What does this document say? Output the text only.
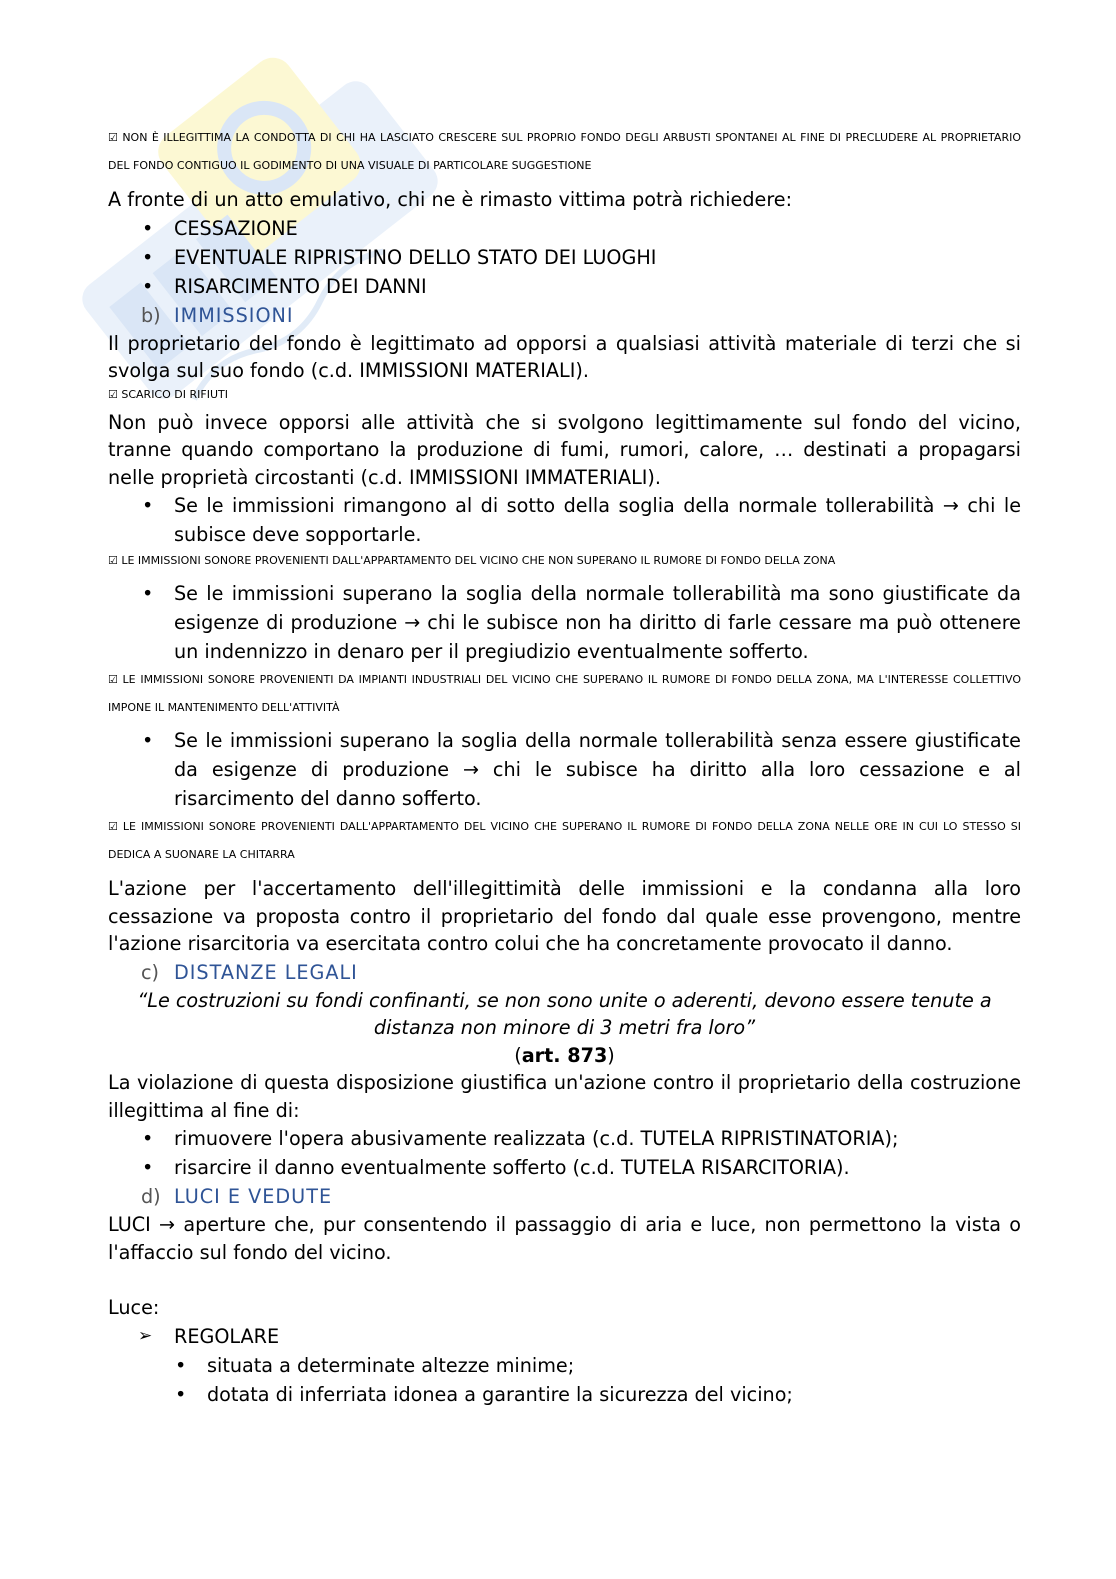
☑ NON È ILLEGITTIMA LA CONDOTTA DI CHI HA LASCIATO CRESCERE SUL PROPRIO FONDO DEGLI ARBUSTI SPONTANEI AL FINE DI PRECLUDERE AL PROPRIETARIO DEL FONDO CONTIGUO IL GODIMENTO DI UNA VISUALE DI PARTICOLARE SUGGESTIONE

A fronte di un atto emulativo, chi ne è rimasto vittima potrà richiedere:

• CESSAZIONE
• EVENTUALE RIPRISTINO DELLO STATO DEI LUOGHI
• RISARCIMENTO DEI DANNI

b) IMMISSIONI

Il proprietario del fondo è legittimato ad opporsi a qualsiasi attività materiale di terzi che si svolga sul suo fondo (c.d. IMMISSIONI MATERIALI).

☑ SCARICO DI RIFIUTI

Non può invece opporsi alle attività che si svolgono legittimamente sul fondo del vicino, tranne quando comportano la produzione di fumi, rumori, calore, … destinati a propagarsi nelle proprietà circostanti (c.d. IMMISSIONI IMMATERIALI).

• Se le immissioni rimangono al di sotto della soglia della normale tollerabilità → chi le subisce deve sopportarle.

☑ LE IMMISSIONI SONORE PROVENIENTI DALL'APPARTAMENTO DEL VICINO CHE NON SUPERANO IL RUMORE DI FONDO DELLA ZONA

• Se le immissioni superano la soglia della normale tollerabilità ma sono giustificate da esigenze di produzione → chi le subisce non ha diritto di farle cessare ma può ottenere un indennizzo in denaro per il pregiudizio eventualmente sofferto.

☑ LE IMMISSIONI SONORE PROVENIENTI DA IMPIANTI INDUSTRIALI DEL VICINO CHE SUPERANO IL RUMORE DI FONDO DELLA ZONA, MA L'INTERESSE COLLETTIVO IMPONE IL MANTENIMENTO DELL'ATTIVITÀ

• Se le immissioni superano la soglia della normale tollerabilità senza essere giustificate da esigenze di produzione → chi le subisce ha diritto alla loro cessazione e al risarcimento del danno sofferto.

☑ LE IMMISSIONI SONORE PROVENIENTI DALL'APPARTAMENTO DEL VICINO CHE SUPERANO IL RUMORE DI FONDO DELLA ZONA NELLE ORE IN CUI LO STESSO SI DEDICA A SUONARE LA CHITARRA

L'azione per l'accertamento dell'illegittimità delle immissioni e la condanna alla loro cessazione va proposta contro il proprietario del fondo dal quale esse provengono, mentre l'azione risarcitoria va esercitata contro colui che ha concretamente provocato il danno.

c) DISTANZE LEGALI

“Le costruzioni su fondi confinanti, se non sono unite o aderenti, devono essere tenute a distanza non minore di 3 metri fra loro”

(art. 873)

La violazione di questa disposizione giustifica un'azione contro il proprietario della costruzione illegittima al fine di:

• rimuovere l'opera abusivamente realizzata (c.d. TUTELA RIPRISTINATORIA);
• risarcire il danno eventualmente sofferto (c.d. TUTELA RISARCITORIA).

d) LUCI E VEDUTE

LUCI → aperture che, pur consentendo il passaggio di aria e luce, non permettono la vista o l'affaccio sul fondo del vicino.

Luce:

➢ REGOLARE
• situata a determinate altezze minime;
• dotata di inferriata idonea a garantire la sicurezza del vicino;
